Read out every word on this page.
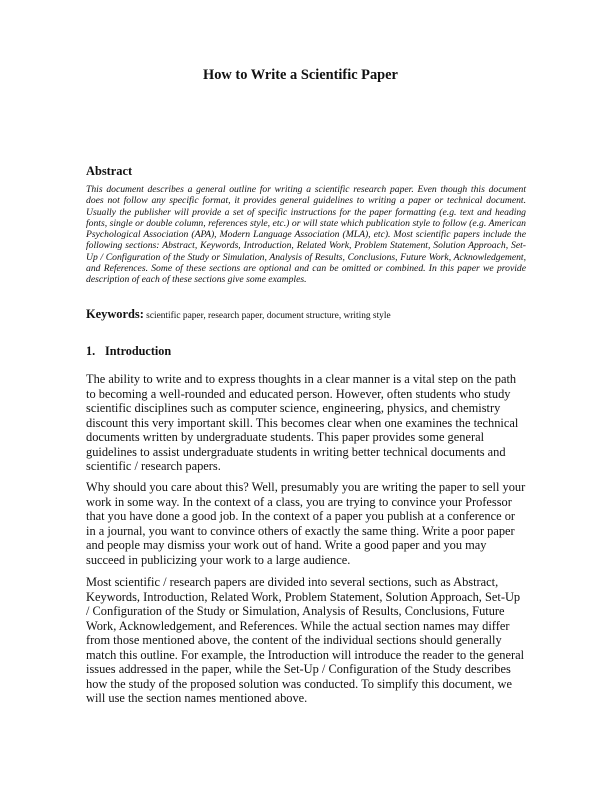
How to Write a Scientific Paper
Abstract

This document describes a general outline for writing a scientific research paper. Even though this document does not follow any specific format, it provides general guidelines to writing a paper or technical document. Usually the publisher will provide a set of specific instructions for the paper formatting (e.g. text and heading fonts, single or double column, references style, etc.) or will state which publication style to follow (e.g. American Psychological Association (APA), Modern Language Association (MLA), etc). Most scientific papers include the following sections: Abstract, Keywords, Introduction, Related Work, Problem Statement, Solution Approach, Set-Up / Configuration of the Study or Simulation, Analysis of Results, Conclusions, Future Work, Acknowledgement, and References. Some of these sections are optional and can be omitted or combined. In this paper we provide description of each of these sections give some examples.

Keywords: scientific paper, research paper, document structure, writing style

1. Introduction

The ability to write and to express thoughts in a clear manner is a vital step on the path to becoming a well-rounded and educated person. However, often students who study scientific disciplines such as computer science, engineering, physics, and chemistry discount this very important skill. This becomes clear when one examines the technical documents written by undergraduate students. This paper provides some general guidelines to assist undergraduate students in writing better technical documents and scientific / research papers.

Why should you care about this? Well, presumably you are writing the paper to sell your work in some way. In the context of a class, you are trying to convince your Professor that you have done a good job. In the context of a paper you publish at a conference or in a journal, you want to convince others of exactly the same thing. Write a poor paper and people may dismiss your work out of hand. Write a good paper and you may succeed in publicizing your work to a large audience.

Most scientific / research papers are divided into several sections, such as Abstract, Keywords, Introduction, Related Work, Problem Statement, Solution Approach, Set-Up / Configuration of the Study or Simulation, Analysis of Results, Conclusions, Future Work, Acknowledgement, and References. While the actual section names may differ from those mentioned above, the content of the individual sections should generally match this outline. For example, the Introduction will introduce the reader to the general issues addressed in the paper, while the Set-Up / Configuration of the Study describes how the study of the proposed solution was conducted. To simplify this document, we will use the section names mentioned above.
